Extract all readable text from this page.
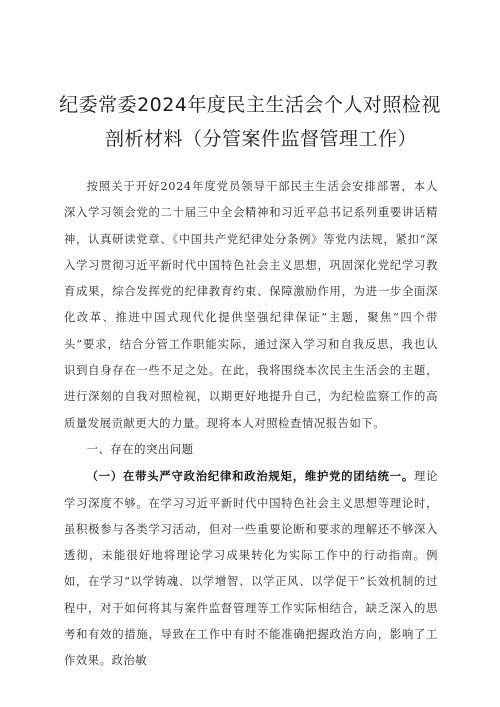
纪委常委2024年度民主生活会个人对照检视
剖析材料（分管案件监督管理工作）

按照关于开好2024年度党员领导干部民主生活会安排部署，本人深入学习领会党的二十届三中全会精神和习近平总书记系列重要讲话精神，认真研读党章、《中国共产党纪律处分条例》等党内法规，紧扣“深入学习贯彻习近平新时代中国特色社会主义思想，巩固深化党纪学习教育成果，综合发挥党的纪律教育约束、保障激励作用，为进一步全面深化改革、推进中国式现代化提供坚强纪律保证”主题，聚焦“四个带头”要求，结合分管工作职能实际，通过深入学习和自我反思，我也认识到自身存在一些不足之处。在此，我将围绕本次民主生活会的主题，进行深刻的自我对照检视，以期更好地提升自己，为纪检监察工作的高质量发展贡献更大的力量。现将本人对照检查情况报告如下。

一、存在的突出问题

（一）在带头严守政治纪律和政治规矩，维护党的团结统一。理论学习深度不够。在学习习近平新时代中国特色社会主义思想等理论时，虽积极参与各类学习活动，但对一些重要论断和要求的理解还不够深入透彻，未能很好地将理论学习成果转化为实际工作中的行动指南。例如，在学习“以学铸魂、以学增智、以学正风、以学促干”长效机制的过程中，对于如何将其与案件监督管理等工作实际相结合，缺乏深入的思考和有效的措施，导致在工作中有时不能准确把握政治方向，影响了工作效果。政治敏
